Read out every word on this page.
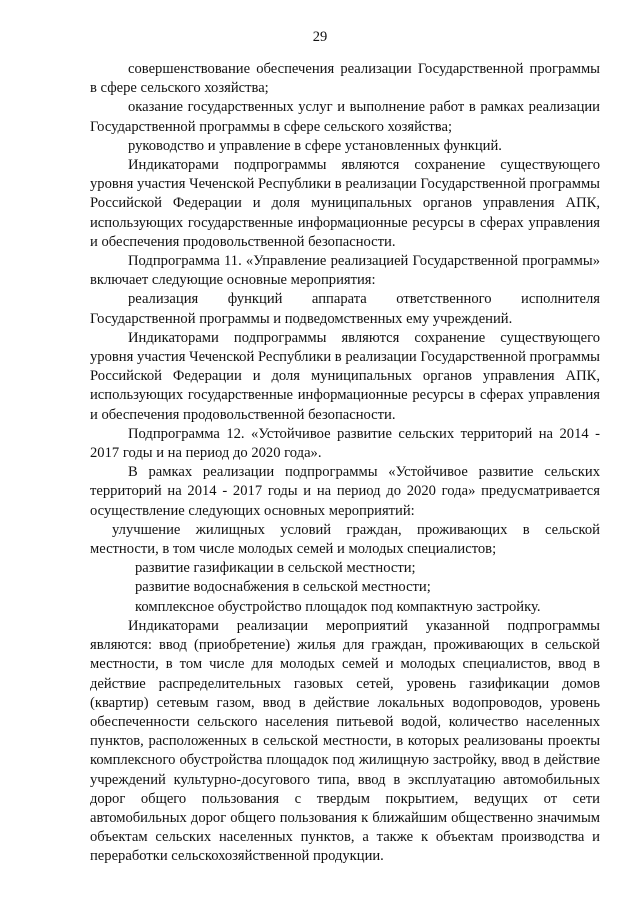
29

совершенствование обеспечения реализации Государственной программы в сфере сельского хозяйства;

оказание государственных услуг и выполнение работ в рамках реализации Государственной программы в сфере сельского хозяйства;

руководство и управление в сфере установленных функций.

Индикаторами подпрограммы являются сохранение существующего уровня участия Чеченской Республики в реализации Государственной программы Российской Федерации и доля муниципальных органов управления АПК, использующих государственные информационные ресурсы в сферах управления и обеспечения продовольственной безопасности.

Подпрограмма 11. «Управление реализацией Государственной программы» включает следующие основные мероприятия:

реализация функций аппарата ответственного исполнителя Государственной программы и подведомственных ему учреждений.

Индикаторами подпрограммы являются сохранение существующего уровня участия Чеченской Республики в реализации Государственной программы Российской Федерации и доля муниципальных органов управления АПК, использующих государственные информационные ресурсы в сферах управления и обеспечения продовольственной безопасности.

Подпрограмма 12. «Устойчивое развитие сельских территорий на 2014 - 2017 годы и на период до 2020 года».

В рамках реализации подпрограммы «Устойчивое развитие сельских территорий на 2014 - 2017 годы и на период до 2020 года» предусматривается осуществление следующих основных мероприятий:

улучшение жилищных условий граждан, проживающих в сельской местности, в том числе молодых семей и молодых специалистов;

развитие газификации в сельской местности;

развитие водоснабжения в сельской местности;

комплексное обустройство площадок под компактную застройку.

Индикаторами реализации мероприятий указанной подпрограммы являются: ввод (приобретение) жилья для граждан, проживающих в сельской местности, в том числе для молодых семей и молодых специалистов, ввод в действие распределительных газовых сетей, уровень газификации домов (квартир) сетевым газом, ввод в действие локальных водопроводов, уровень обеспеченности сельского населения питьевой водой, количество населенных пунктов, расположенных в сельской местности, в которых реализованы проекты комплексного обустройства площадок под жилищную застройку, ввод в действие учреждений культурно-досугового типа, ввод в эксплуатацию автомобильных дорог общего пользования с твердым покрытием, ведущих от сети автомобильных дорог общего пользования к ближайшим общественно значимым объектам сельских населенных пунктов, а также к объектам производства и переработки сельскохозяйственной продукции.
